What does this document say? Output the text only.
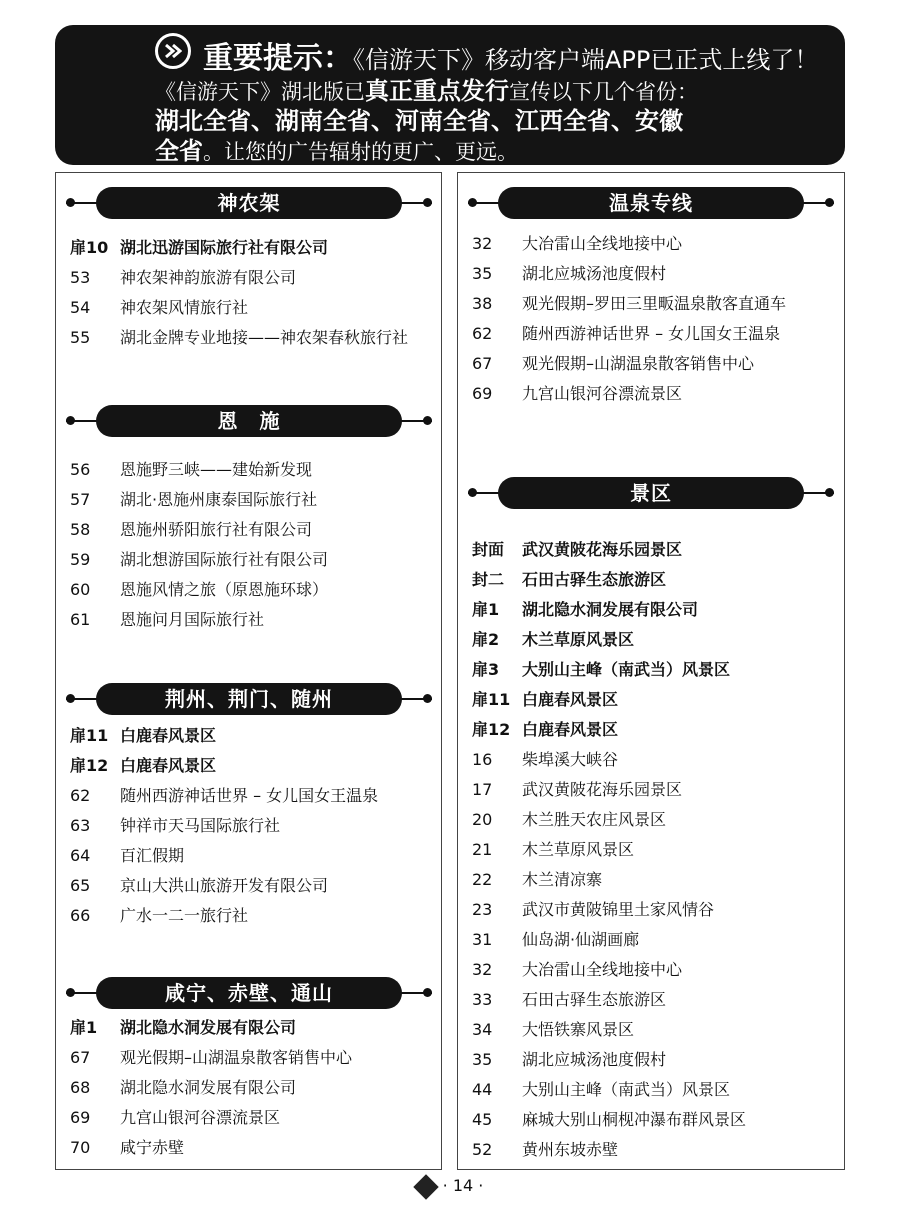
重要提示：《信游天下》移动客户端APP已正式上线了！
《信游天下》湖北版已真正重点发行宣传以下几个省份：
湖北全省、湖南全省、河南全省、江西全省、安徽
全省。让您的广告辐射的更广、更远。
神农架
扉10 湖北迅游国际旅行社有限公司
53	神农架神韵旅游有限公司
54	神农架风情旅行社
55	湖北金牌专业地接——神农架春秋旅行社
恩　施
56	恩施野三峡——建始新发现
57	湖北·恩施州康泰国际旅行社
58	恩施州骄阳旅行社有限公司
59	湖北想游国际旅行社有限公司
60	恩施风情之旅（原恩施环球）
61	恩施问月国际旅行社
荆州、荆门、随州
扉11 白鹿春风景区
扉12 白鹿春风景区
62	随州西游神话世界 – 女儿国女王温泉
63	钟祥市天马国际旅行社
64	百汇假期
65	京山大洪山旅游开发有限公司
66	广水一二一旅行社
咸宁、赤壁、通山
扉1	湖北隐水洞发展有限公司
67	观光假期–山湖温泉散客销售中心
68	湖北隐水洞发展有限公司
69	九宫山银河谷漂流景区
70	咸宁赤壁
温泉专线
32	大冶雷山全线地接中心
35	湖北应城汤池度假村
38	观光假期–罗田三里畈温泉散客直通车
62	随州西游神话世界 – 女儿国女王温泉
67	观光假期–山湖温泉散客销售中心
69	九宫山银河谷漂流景区
景区
封面	武汉黄陂花海乐园景区
封二	石田古驿生态旅游区
扉1	湖北隐水洞发展有限公司
扉2	木兰草原风景区
扉3	大别山主峰（南武当）风景区
扉11 白鹿春风景区
扉12 白鹿春风景区
16	柴埠溪大峡谷
17	武汉黄陂花海乐园景区
20	木兰胜天农庄风景区
21	木兰草原风景区
22	木兰清凉寨
23	武汉市黄陂锦里土家风情谷
31	仙岛湖·仙湖画廊
32	大冶雷山全线地接中心
33	石田古驿生态旅游区
34	大悟铁寨风景区
35	湖北应城汤池度假村
44	大别山主峰（南武当）风景区
45	麻城大别山桐枧冲瀑布群风景区
52	黄州东坡赤壁
· 14 ·
